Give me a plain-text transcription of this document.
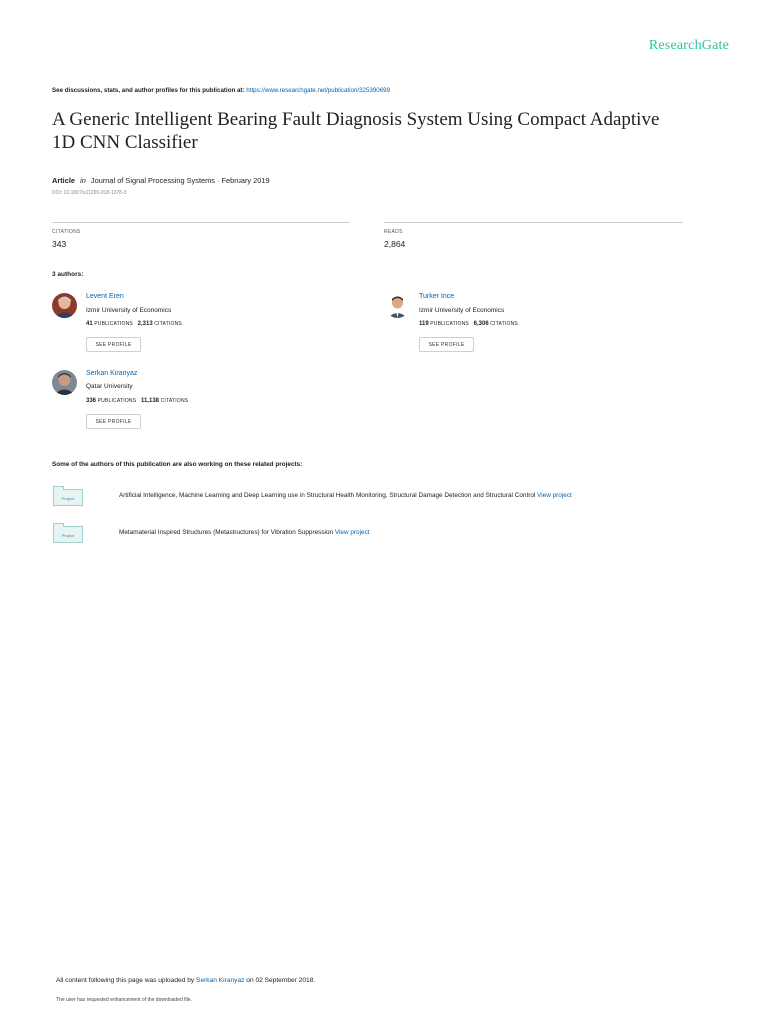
ResearchGate
See discussions, stats, and author profiles for this publication at: https://www.researchgate.net/publication/325390699
A Generic Intelligent Bearing Fault Diagnosis System Using Compact Adaptive
1D CNN Classifier
Article in Journal of Signal Processing Systems · February 2019
DOI: 10.1007/s11265-018-1378-3
CITATIONS
343
READS
2,864
3 authors:
Levent Eren
Izmir University of Economics
41 PUBLICATIONS 2,313 CITATIONS
SEE PROFILE
Turker Ince
Izmir University of Economics
119 PUBLICATIONS 6,306 CITATIONS
SEE PROFILE
Serkan Kiranyaz
Qatar University
336 PUBLICATIONS 11,138 CITATIONS
SEE PROFILE
Some of the authors of this publication are also working on these related projects:
Project	Artificial Intelligence, Machine Learning and Deep Learning use in Structural Health Monitoring, Structural Damage Detection and Structural Control View project
Project	Metamaterial Inspired Structures (Metastructures) for Vibration Suppression View project
All content following this page was uploaded by Serkan Kiranyaz on 02 September 2018.
The user has requested enhancement of the downloaded file.
